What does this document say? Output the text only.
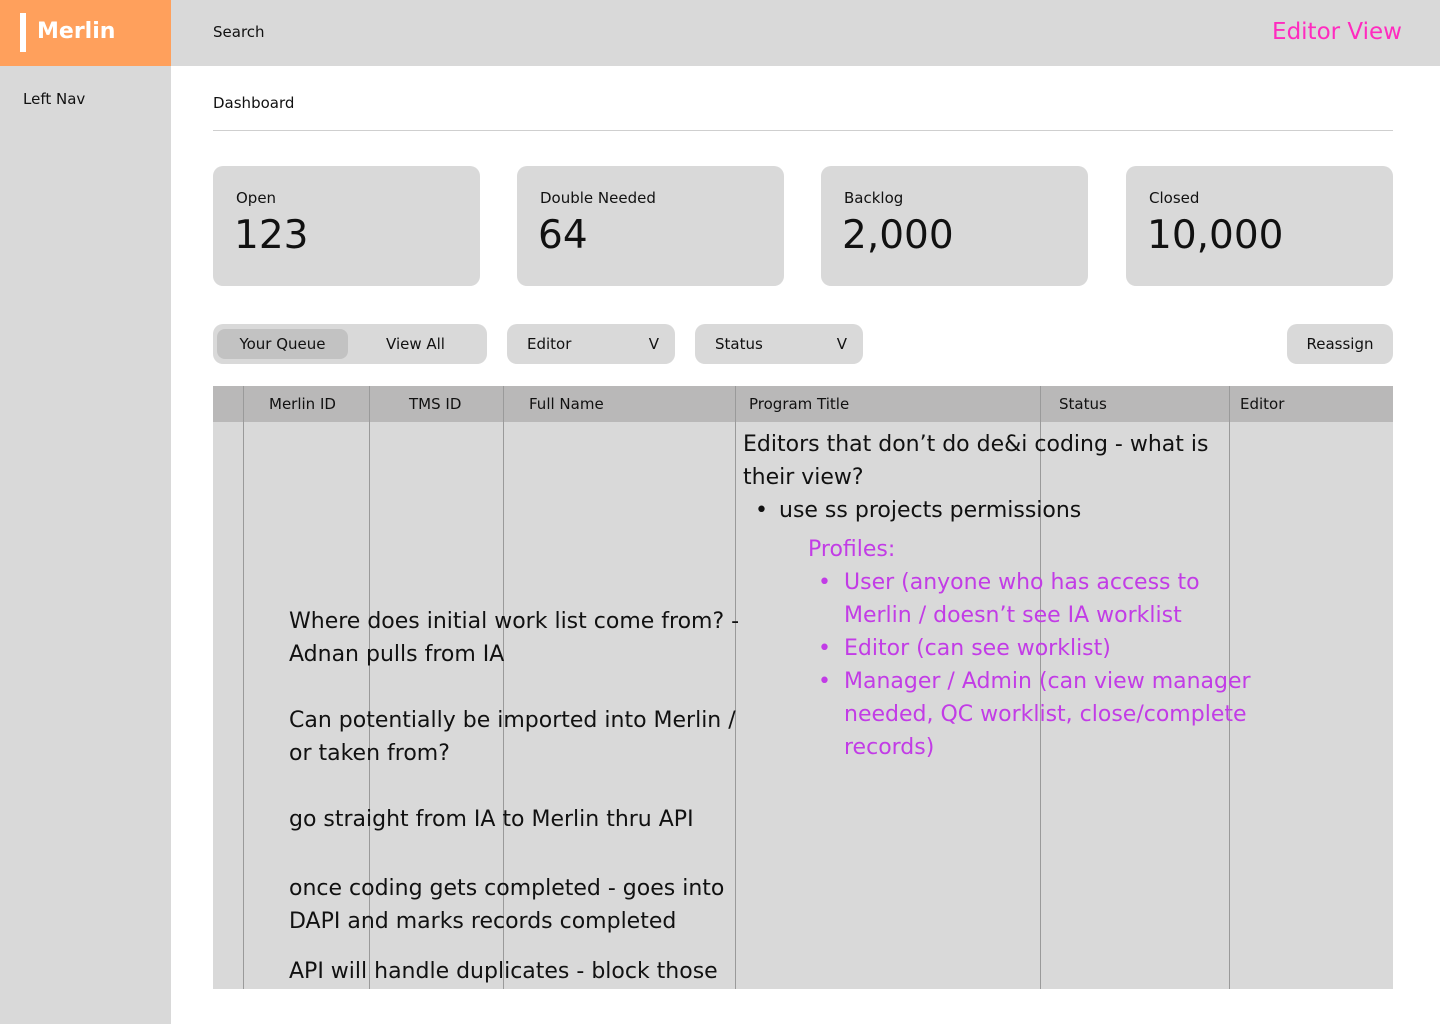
Merlin
Left Nav
Search	Editor View
Dashboard
Open
123
Double Needed
64
Backlog
2,000
Closed
10,000
Your Queue	View All	Editor	V	Status	V	Reassign
Merlin ID	TMS ID	Full Name	Program Title	Status	Editor

Where does initial work list come from? - Adnan pulls from IA

Can potentially be imported into Merlin / or taken from?

go straight from IA to Merlin thru API

once coding gets completed - goes into DAPI and marks records completed

API will handle duplicates - block those

Editors that don’t do de&i coding - what is their view?
• use ss projects permissions
Profiles:
• User (anyone who has access to Merlin / doesn’t see IA worklist
• Editor (can see worklist)
• Manager / Admin (can view manager needed, QC worklist, close/complete records)
